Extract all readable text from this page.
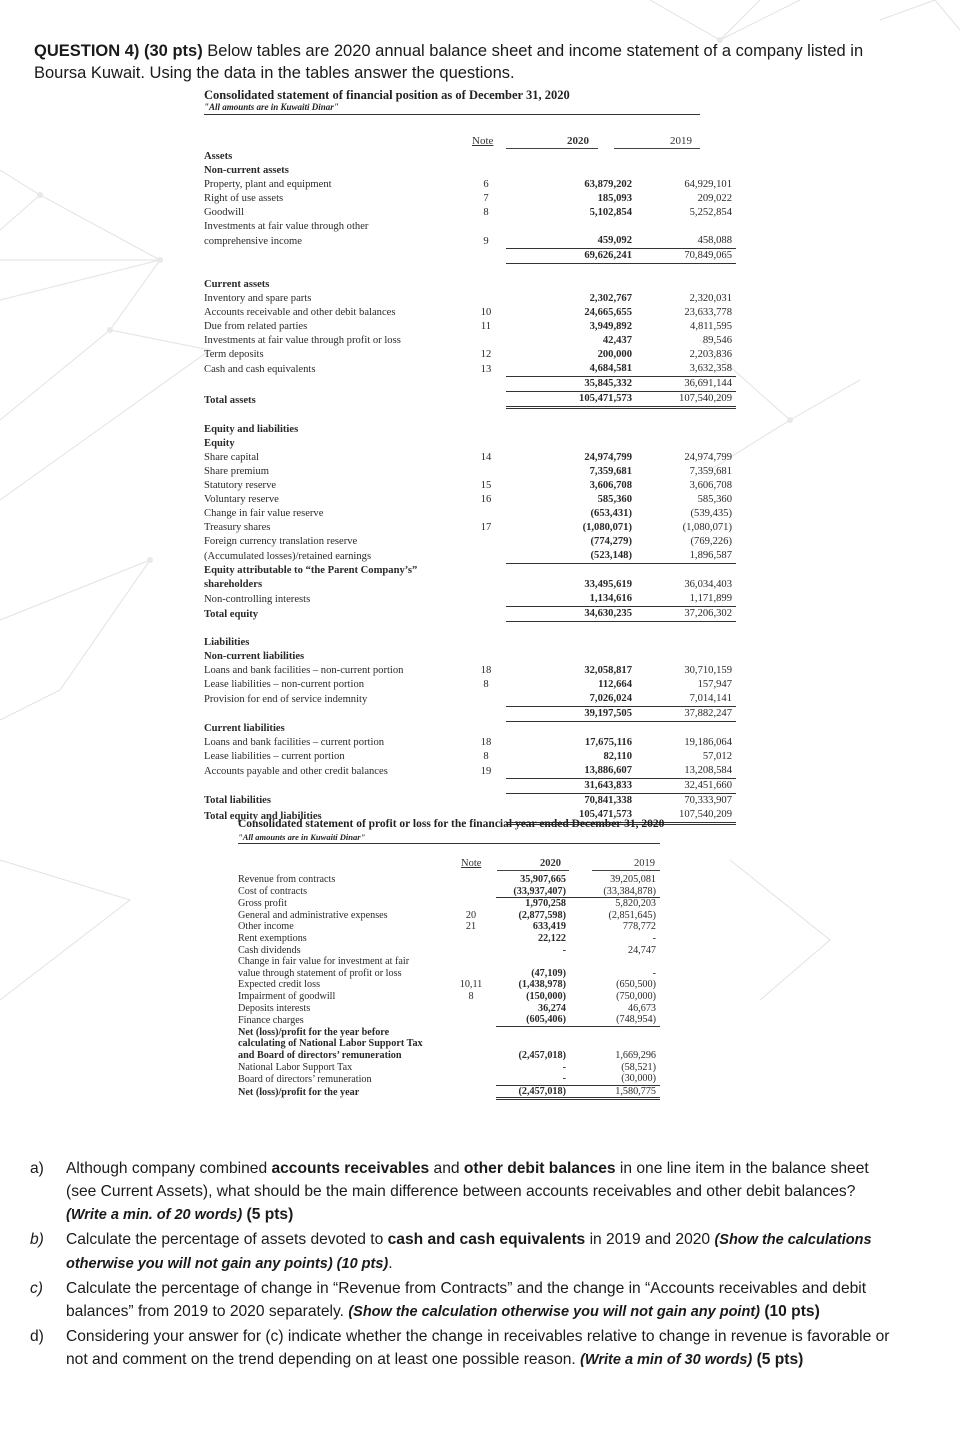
QUESTION 4) (30 pts) Below tables are 2020 annual balance sheet and income statement of a company listed in Boursa Kuwait. Using the data in the tables answer the questions.
Consolidated statement of financial position as of December 31, 2020
"All amounts are in Kuwaiti Dinar"
Note	2020	2019
Assets			
Non-current assets			
Property, plant and equipment	6	63,879,202	64,929,101
Right of use assets	7	185,093	209,022
Goodwill	8	5,102,854	5,252,854
Investments at fair value through other			
comprehensive income	9	459,092	458,088
		69,626,241	70,849,065

Current assets			
Inventory and spare parts		2,302,767	2,320,031
Accounts receivable and other debit balances	10	24,665,655	23,633,778
Due from related parties	11	3,949,892	4,811,595
Investments at fair value through profit or loss		42,437	89,546
Term deposits	12	200,000	2,203,836
Cash and cash equivalents	13	4,684,581	3,632,358
		35,845,332	36,691,144
Total assets		105,471,573	107,540,209

Equity and liabilities			
Equity			
Share capital	14	24,974,799	24,974,799
Share premium		7,359,681	7,359,681
Statutory reserve	15	3,606,708	3,606,708
Voluntary reserve	16	585,360	585,360
Change in fair value reserve		(653,431)	(539,435)
Treasury shares	17	(1,080,071)	(1,080,071)
Foreign currency translation reserve		(774,279)	(769,226)
(Accumulated losses)/retained earnings		(523,148)	1,896,587
Equity attributable to “the Parent Company’s”			
shareholders		33,495,619	36,034,403
Non-controlling interests		1,134,616	1,171,899
Total equity		34,630,235	37,206,302

Liabilities			
Non-current liabilities			
Loans and bank facilities – non-current portion	18	32,058,817	30,710,159
Lease liabilities – non-current portion	8	112,664	157,947
Provision for end of service indemnity		7,026,024	7,014,141
		39,197,505	37,882,247
Current liabilities			
Loans and bank facilities – current portion	18	17,675,116	19,186,064
Lease liabilities – current portion	8	82,110	57,012
Accounts payable and other credit balances	19	13,886,607	13,208,584
		31,643,833	32,451,660
Total liabilities		70,841,338	70,333,907
Total equity and liabilities		105,471,573	107,540,209
Consolidated statement of profit or loss for the financial year ended December 31, 2020
"All amounts are in Kuwaiti Dinar"
Note	2020	2019
Revenue from contracts		35,907,665	39,205,081
Cost of contracts		(33,937,407)	(33,384,878)
Gross profit		1,970,258	5,820,203
General and administrative expenses	20	(2,877,598)	(2,851,645)
Other income	21	633,419	778,772
Rent exemptions		22,122	-
Cash dividends		-	24,747
Change in fair value for investment at fair			
value through statement of profit or loss		(47,109)	-
Expected credit loss	10,11	(1,438,978)	(650,500)
Impairment of goodwill	8	(150,000)	(750,000)
Deposits interests		36,274	46,673
Finance charges		(605,406)	(748,954)
Net (loss)/profit for the year before			
calculating of National Labor Support Tax			
and Board of directors’ remuneration		(2,457,018)	1,669,296
National Labor Support Tax		-	(58,521)
Board of directors’ remuneration		-	(30,000)
Net (loss)/profit for the year		(2,457,018)	1,580,775
a)	Although company combined accounts receivables and other debit balances in one line item in the balance sheet (see Current Assets), what should be the main difference between accounts receivables and other debit balances? (Write a min. of 20 words) (5 pts)
b)	Calculate the percentage of assets devoted to cash and cash equivalents in 2019 and 2020 (Show the calculations otherwise you will not gain any points) (10 pts).
c)	Calculate the percentage of change in “Revenue from Contracts” and the change in “Accounts receivables and debit balances” from 2019 to 2020 separately. (Show the calculation otherwise you will not gain any point) (10 pts)
d)	Considering your answer for (c) indicate whether the change in receivables relative to change in revenue is favorable or not and comment on the trend depending on at least one possible reason. (Write a min of 30 words) (5 pts)
